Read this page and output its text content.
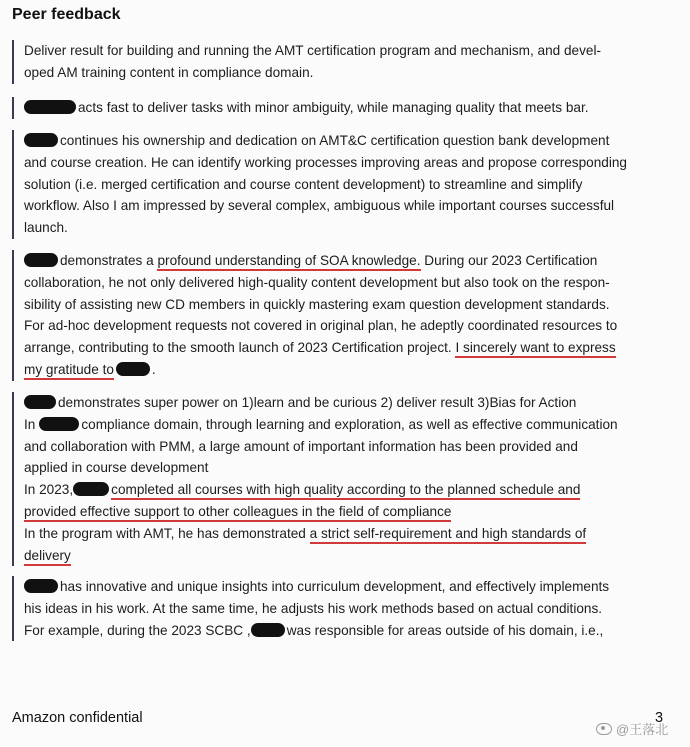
Peer feedback
Deliver result for building and running the AMT certification program and mechanism, and devel-
oped AM training content in compliance domain.
acts fast to deliver tasks with minor ambiguity, while managing quality that meets bar.
continues his ownership and dedication on AMT&C certification question bank development
and course creation. He can identify working processes improving areas and propose corresponding
solution (i.e. merged certification and course content development) to streamline and simplify
workflow. Also I am impressed by several complex, ambiguous while important courses successful
launch.
demonstrates a profound understanding of SOA knowledge. During our 2023 Certification
collaboration, he not only delivered high-quality content development but also took on the respon-
sibility of assisting new CD members in quickly mastering exam question development standards.
For ad-hoc development requests not covered in original plan, he adeptly coordinated resources to
arrange, contributing to the smooth launch of 2023 Certification project. I sincerely want to express
my gratitude to	.
demonstrates super power on 1)learn and be curious 2) deliver result 3)Bias for Action
In	compliance domain, through learning and exploration, as well as effective communication
and collaboration with PMM, a large amount of important information has been provided and
applied in course development
In 2023,	completed all courses with high quality according to the planned schedule and
provided effective support to other colleagues in the field of compliance
In the program with AMT, he has demonstrated a strict self-requirement and high standards of
delivery
has innovative and unique insights into curriculum development, and effectively implements
his ideas in his work. At the same time, he adjusts his work methods based on actual conditions.
For example, during the 2023 SCBC ,	was responsible for areas outside of his domain, i.e.,
Amazon confidential	3
@王落北
